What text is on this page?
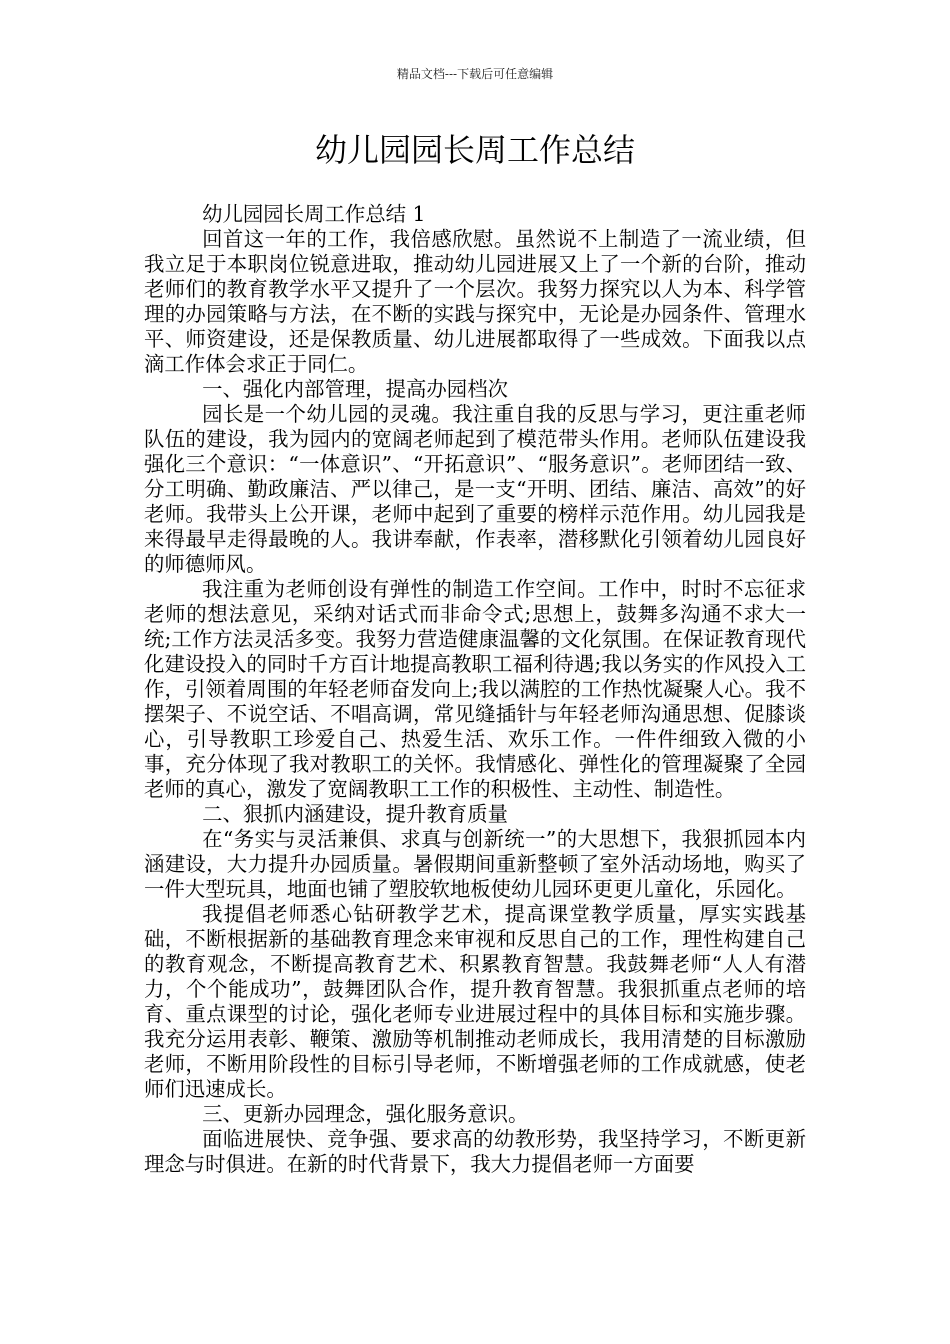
精品文档---下载后可任意编辑
幼儿园园长周工作总结

幼儿园园长周工作总结 1

回首这一年的工作，我倍感欣慰。虽然说不上制造了一流业绩，但我立足于本职岗位锐意进取，推动幼儿园进展又上了一个新的台阶，推动老师们的教育教学水平又提升了一个层次。我努力探究以人为本、科学管理的办园策略与方法，在不断的实践与探究中，无论是办园条件、管理水平、师资建设，还是保教质量、幼儿进展都取得了一些成效。下面我以点滴工作体会求正于同仁。

一、强化内部管理，提高办园档次

园长是一个幼儿园的灵魂。我注重自我的反思与学习，更注重老师队伍的建设，我为园内的宽阔老师起到了模范带头作用。老师队伍建设我强化三个意识：“一体意识”、“开拓意识”、“服务意识”。老师团结一致、分工明确、勤政廉洁、严以律己，是一支“开明、团结、廉洁、高效”的好老师。我带头上公开课，老师中起到了重要的榜样示范作用。幼儿园我是来得最早走得最晚的人。我讲奉献，作表率，潜移默化引领着幼儿园良好的师德师风。

我注重为老师创设有弹性的制造工作空间。工作中，时时不忘征求老师的想法意见，采纳对话式而非命令式;思想上，鼓舞多沟通不求大一统;工作方法灵活多变。我努力营造健康温馨的文化氛围。在保证教育现代化建设投入的同时千方百计地提高教职工福利待遇;我以务实的作风投入工作，引领着周围的年轻老师奋发向上;我以满腔的工作热忱凝聚人心。我不摆架子、不说空话、不唱高调，常见缝插针与年轻老师沟通思想、促膝谈心，引导教职工珍爱自己、热爱生活、欢乐工作。一件件细致入微的小事，充分体现了我对教职工的关怀。我情感化、弹性化的管理凝聚了全园老师的真心，激发了宽阔教职工工作的积极性、主动性、制造性。

二、狠抓内涵建设，提升教育质量

在“务实与灵活兼俱、求真与创新统一”的大思想下，我狠抓园本内涵建设，大力提升办园质量。暑假期间重新整顿了室外活动场地，购买了一件大型玩具，地面也铺了塑胶软地板使幼儿园环更更儿童化，乐园化。

我提倡老师悉心钻研教学艺术，提高课堂教学质量，厚实实践基础，不断根据新的基础教育理念来审视和反思自己的工作，理性构建自己的教育观念，不断提高教育艺术、积累教育智慧。我鼓舞老师“人人有潜力，个个能成功”，鼓舞团队合作，提升教育智慧。我狠抓重点老师的培育、重点课型的讨论，强化老师专业进展过程中的具体目标和实施步骤。我充分运用表彰、鞭策、激励等机制推动老师成长，我用清楚的目标激励老师，不断用阶段性的目标引导老师，不断增强老师的工作成就感，使老师们迅速成长。

三、更新办园理念，强化服务意识。

面临进展快、竞争强、要求高的幼教形势，我坚持学习，不断更新理念与时俱进。在新的时代背景下，我大力提倡老师一方面要
